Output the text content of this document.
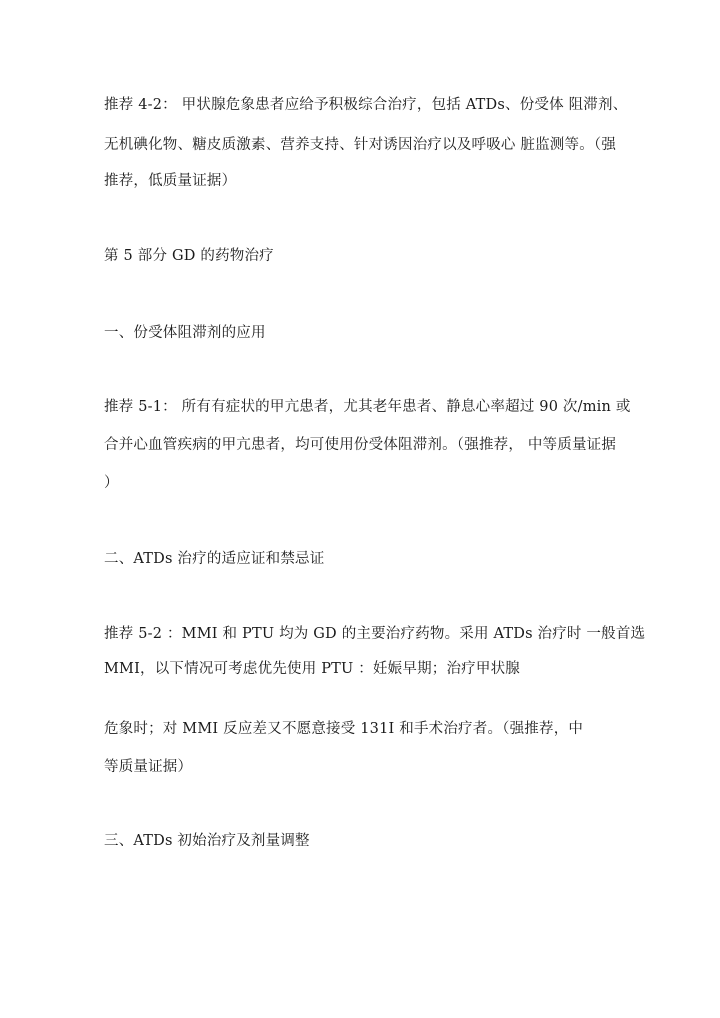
推荐 4-2： 甲状腺危象患者应给予积极综合治疗，包括 ATDs、份受体 阻滞剂、
无机碘化物、糖皮质激素、营养支持、针对诱因治疗以及呼吸心 脏监测等。（强
推荐，低质量证据）
第 5 部分 GD 的药物治疗
一、份受体阻滞剂的应用
推荐 5-1： 所有有症状的甲亢患者，尤其老年患者、静息心率超过 90 次/min 或
合并心血管疾病的甲亢患者，均可使用份受体阻滞剂。（强推荐， 中等质量证据
）
二、ATDs 治疗的适应证和禁忌证
推荐 5-2 ：MMI 和 PTU 均为 GD 的主要治疗药物。采用 ATDs 治疗时 一般首选
MMI，以下情况可考虑优先使用 PTU ：妊娠早期；治疗甲状腺
危象时；对 MMI 反应差又不愿意接受 131I 和手术治疗者。（强推荐，中
等质量证据）
三、ATDs 初始治疗及剂量调整
